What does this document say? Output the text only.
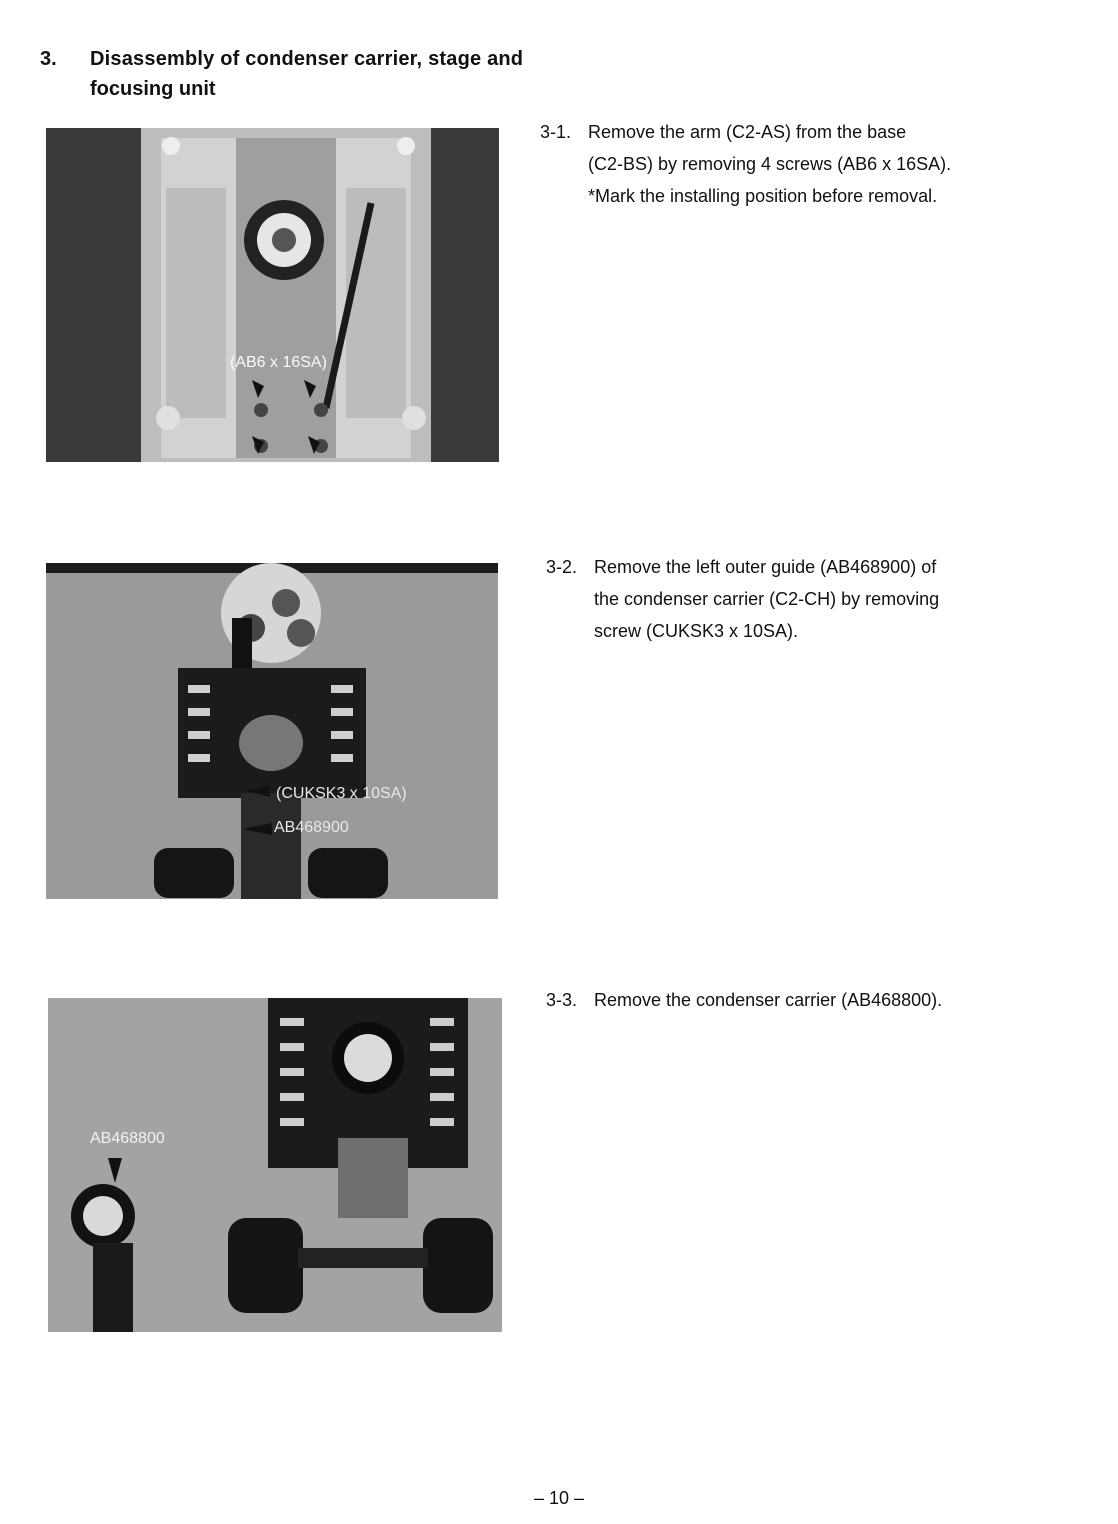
3. Disassembly of condenser carrier, stage and
focusing unit
(AB6 x 16SA)
3-1. Remove the arm (C2-AS) from the base
(C2-BS) by removing 4 screws (AB6 x 16SA).
*Mark the installing position before removal.
(CUKSK3 x 10SA)
AB468900
3-2. Remove the left outer guide (AB468900) of
the condenser carrier (C2-CH) by removing
screw (CUKSK3 x 10SA).
AB468800
3-3. Remove the condenser carrier (AB468800).
– 10 –
